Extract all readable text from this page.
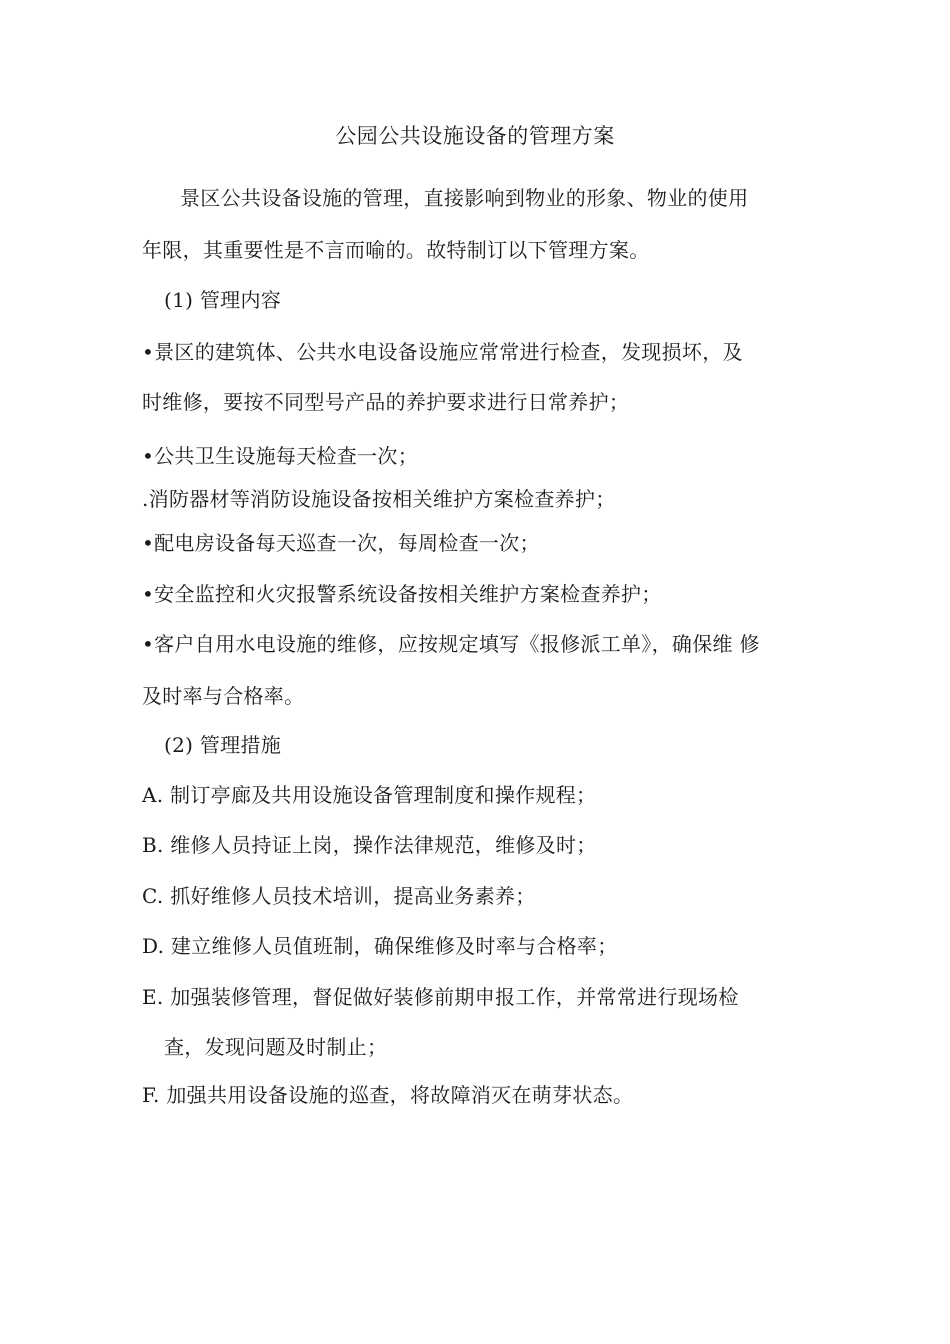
公园公共设施设备的管理方案
景区公共设备设施的管理，直接影响到物业的形象、物业的使用
年限，其重要性是不言而喻的。故特制订以下管理方案。
(1) 管理内容
•景区的建筑体、公共水电设备设施应常常进行检查，发现损坏，及
时维修，要按不同型号产品的养护要求进行日常养护；
•公共卫生设施每天检查一次；
.消防器材等消防设施设备按相关维护方案检查养护；
•配电房设备每天巡查一次，每周检查一次；
•安全监控和火灾报警系统设备按相关维护方案检查养护；
•客户自用水电设施的维修，应按规定填写《报修派工单》，确保维 修
及时率与合格率。
(2) 管理措施
A. 制订亭廊及共用设施设备管理制度和操作规程；
B. 维修人员持证上岗，操作法律规范，维修及时；
C. 抓好维修人员技术培训，提高业务素养；
D. 建立维修人员值班制，确保维修及时率与合格率；
E. 加强装修管理，督促做好装修前期申报工作，并常常进行现场检
查，发现问题及时制止；
F. 加强共用设备设施的巡查，将故障消灭在萌芽状态。
